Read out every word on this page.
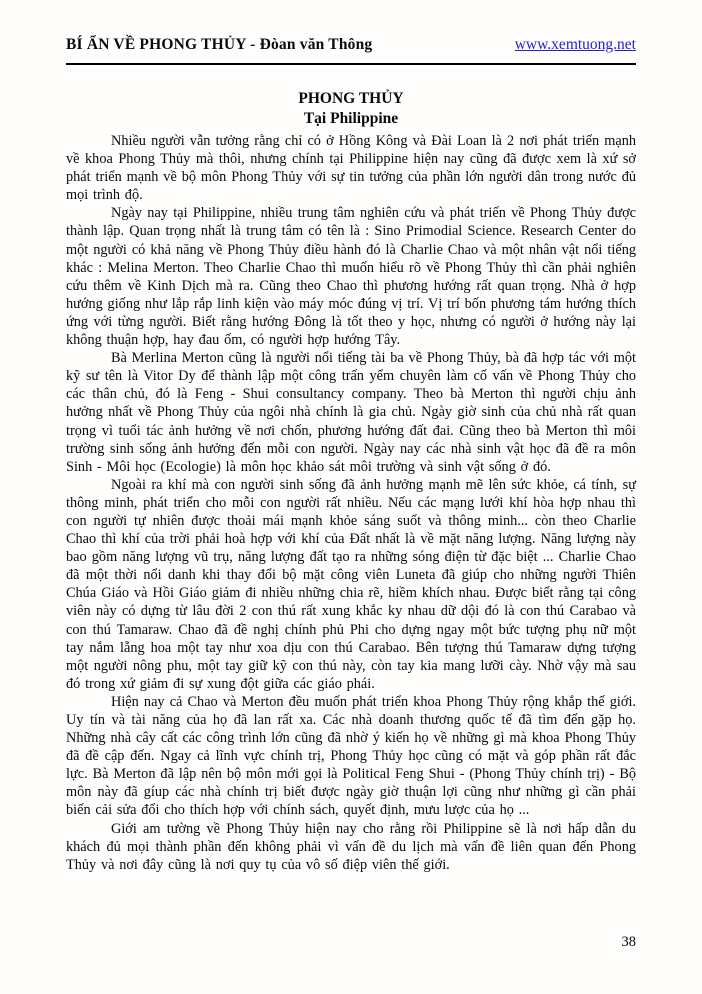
BÍ ẨN VỀ PHONG THỦY - Đòan văn Thông	www.xemtuong.net
PHONG THỦY
Tại Philippine

Nhiều người vẫn tưởng rằng chỉ có ở Hồng Kông và Đài Loan là 2 nơi phát triển mạnh về khoa Phong Thủy mà thôi, nhưng chính tại Philippine hiện nay cũng đã được xem là xứ sở phát triển mạnh về bộ môn Phong Thủy với sự tin tưởng của phần lớn người dân trong nước đủ mọi trình độ.

Ngày nay tại Philippine, nhiều trung tâm nghiên cứu và phát triển về Phong Thủy được thành lập. Quan trọng nhất là trung tâm có tên là : Sino Primodial Science. Research Center do một người có khả năng về Phong Thủy điều hành đó là Charlie Chao và một nhân vật nổi tiếng khác : Melina Merton. Theo Charlie Chao thì muốn hiểu rõ về Phong Thủy thì cần phải nghiên cứu thêm về Kinh Dịch mà ra. Cũng theo Chao thì phương hướng rất quan trọng. Nhà ở hợp hướng giống như lắp rắp linh kiện vào máy móc đúng vị trí. Vị trí bốn phương tám hướng thích ứng với từng người. Biết rằng hướng Đông là tốt theo y học, nhưng có người ở hướng này lại không thuận hợp, hay đau ốm, có người hợp hướng Tây.

Bà Merlina Merton cũng là người nổi tiếng tài ba về Phong Thủy, bà đã hợp tác với một kỹ sư tên là Vitor Dy để thành lập một công trấn yểm chuyên làm cố vấn về Phong Thủy cho các thân chủ, đó là Feng - Shui consultancy company. Theo bà Merton thì người chịu ảnh hưởng nhất về Phong Thủy của ngôi nhà chính là gia chủ. Ngày giờ sinh của chủ nhà rất quan trọng vì tuổi tác ảnh hưởng về nơi chốn, phương hướng đất đai. Cũng theo bà Merton thì môi trường sinh sống ảnh hưởng đến mỗi con người. Ngày nay các nhà sinh vật học đã đề ra môn Sinh - Môi học (Ecologie) là môn học khảo sát môi trường và sinh vật sống ở đó.

Ngoài ra khí mà con người sinh sống đã ảnh hưởng mạnh mẽ lên sức khỏe, cá tính, sự thông minh, phát triển cho mỗi con người rất nhiều. Nếu các mạng lưới khí hòa hợp nhau thì con người tự nhiên được thoải mái mạnh khỏe sáng suốt và thông minh... còn theo Charlie Chao thì khí của trời phải hoà hợp với khí của Đất nhất là về mặt năng lượng. Năng lượng này bao gồm năng lượng vũ trụ, năng lượng đất tạo ra những sóng điện từ đặc biệt ... Charlie Chao đã một thời nổi danh khi thay đổi bộ mặt công viên Luneta đã giúp cho những người Thiên Chúa Giáo và Hồi Giáo giảm đi nhiều những chia rẽ, hiềm khích nhau. Được biết rằng tại công viên này có dựng từ lâu đời 2 con thú rất xung khắc ky nhau dữ dội đó là con thú Carabao và con thú Tamaraw. Chao đã đề nghị chính phủ Phi cho dựng ngay một bức tượng phụ nữ một tay nắm lẵng hoa một tay như xoa dịu con thú Carabao. Bên tượng thú Tamaraw dựng tượng một người nông phu, một tay giữ kỹ con thú này, còn tay kia mang lưỡi cày. Nhờ vậy mà sau đó trong xứ giảm đi sự xung đột giữa các giáo phái.

Hiện nay cả Chao và Merton đều muốn phát triển khoa Phong Thủy rộng khắp thế giới. Uy tín và tài năng của họ đã lan rất xa. Các nhà doanh thương quốc tế đã tìm đến gặp họ. Những nhà cây cất các công trình lớn cũng đã nhờ ý kiến họ về những gì mà khoa Phong Thủy đã đề cập đến. Ngay cả lĩnh vực chính trị, Phong Thủy học cũng có mặt và góp phần rất đắc lực. Bà Merton đã lập nên bộ môn mới gọi là Political Feng Shui - (Phong Thủy chính trị) - Bộ môn này đã gíup các nhà chính trị biết được ngày giờ thuận lợi cũng như những gì cần phải biến cải sửa đổi cho thích hợp với chính sách, quyết định, mưu lược của họ ...

Giới am tường về Phong Thủy hiện nay cho rằng rồi Philippine sẽ là nơi hấp dẫn du khách đủ mọi thành phần đến không phải vì vấn đề du lịch mà vấn đề liên quan đến Phong Thủy và nơi đây cũng là nơi quy tụ của vô số điệp viên thế giới.

38
